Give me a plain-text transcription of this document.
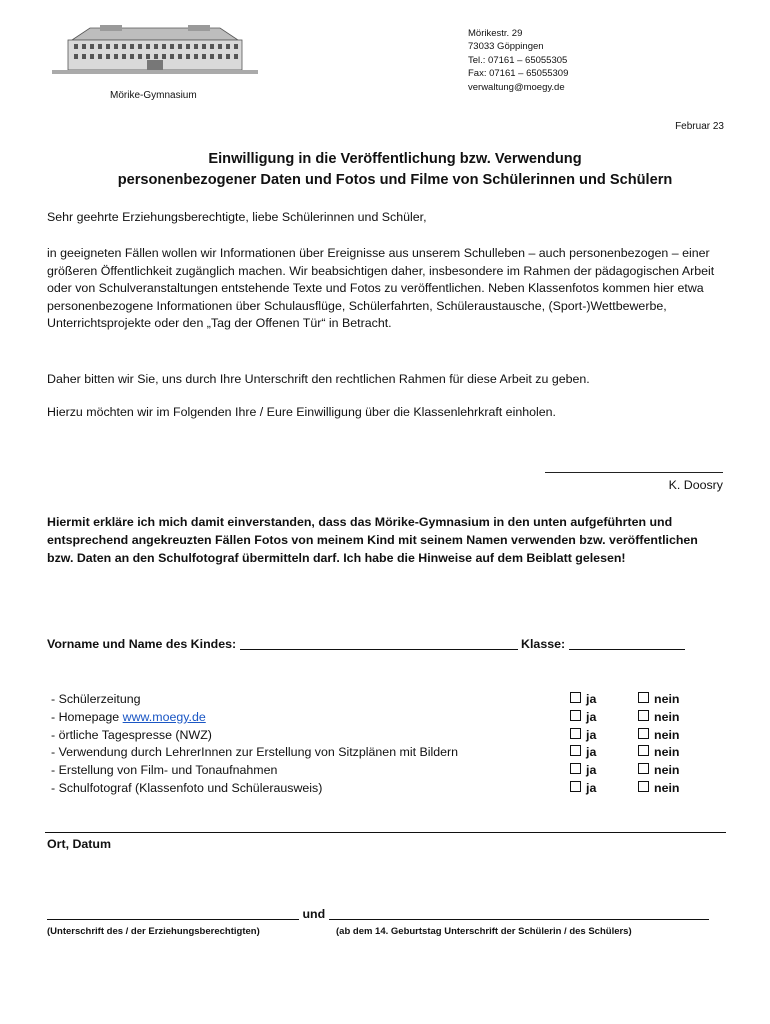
Mörike-Gymnasium
Mörikestr. 29
73033 Göppingen
Tel.: 07161 – 65055305
Fax: 07161 – 65055309
verwaltung@moegy.de
Februar 23
Einwilligung in die Veröffentlichung bzw. Verwendung
personenbezogener Daten und Fotos und Filme von Schülerinnen und Schülern
Sehr geehrte Erziehungsberechtigte, liebe Schülerinnen und Schüler,
in geeigneten Fällen wollen wir Informationen über Ereignisse aus unserem Schulleben – auch personenbezogen – einer größeren Öffentlichkeit zugänglich machen. Wir beabsichtigen daher, insbesondere im Rahmen der pädagogischen Arbeit oder von Schulveranstaltungen entstehende Texte und Fotos zu veröffentlichen. Neben Klassenfotos kommen hier etwa personenbezogene Informationen über Schulausflüge, Schülerfahrten, Schüleraustausche, (Sport-)Wettbewerbe, Unterrichtsprojekte oder den „Tag der Offenen Tür“ in Betracht.
Daher bitten wir Sie, uns durch Ihre Unterschrift den rechtlichen Rahmen für diese Arbeit zu geben.
Hierzu möchten wir im Folgenden Ihre / Eure Einwilligung über die Klassenlehrkraft einholen.
K. Doosry
Hiermit erkläre ich mich damit einverstanden, dass das Mörike-Gymnasium in den unten aufgeführten und entsprechend angekreuzten Fällen Fotos von meinem Kind mit seinem Namen verwenden bzw. veröffentlichen bzw. Daten an den Schulfotograf übermitteln darf. Ich habe die Hinweise auf dem Beiblatt gelesen!
Vorname und Name des Kindes:	Klasse:
- Schülerzeitung	ja	nein
- Homepage www.moegy.de	ja	nein
- örtliche Tagespresse (NWZ)	ja	nein
- Verwendung durch LehrerInnen zur Erstellung von Sitzplänen mit Bildern	ja	nein
- Erstellung von Film- und Tonaufnahmen	ja	nein
- Schulfotograf (Klassenfoto und Schülerausweis)	ja	nein
Ort, Datum
und
(Unterschrift des / der Erziehungsberechtigten)	(ab dem 14. Geburtstag Unterschrift der Schülerin / des Schülers)
